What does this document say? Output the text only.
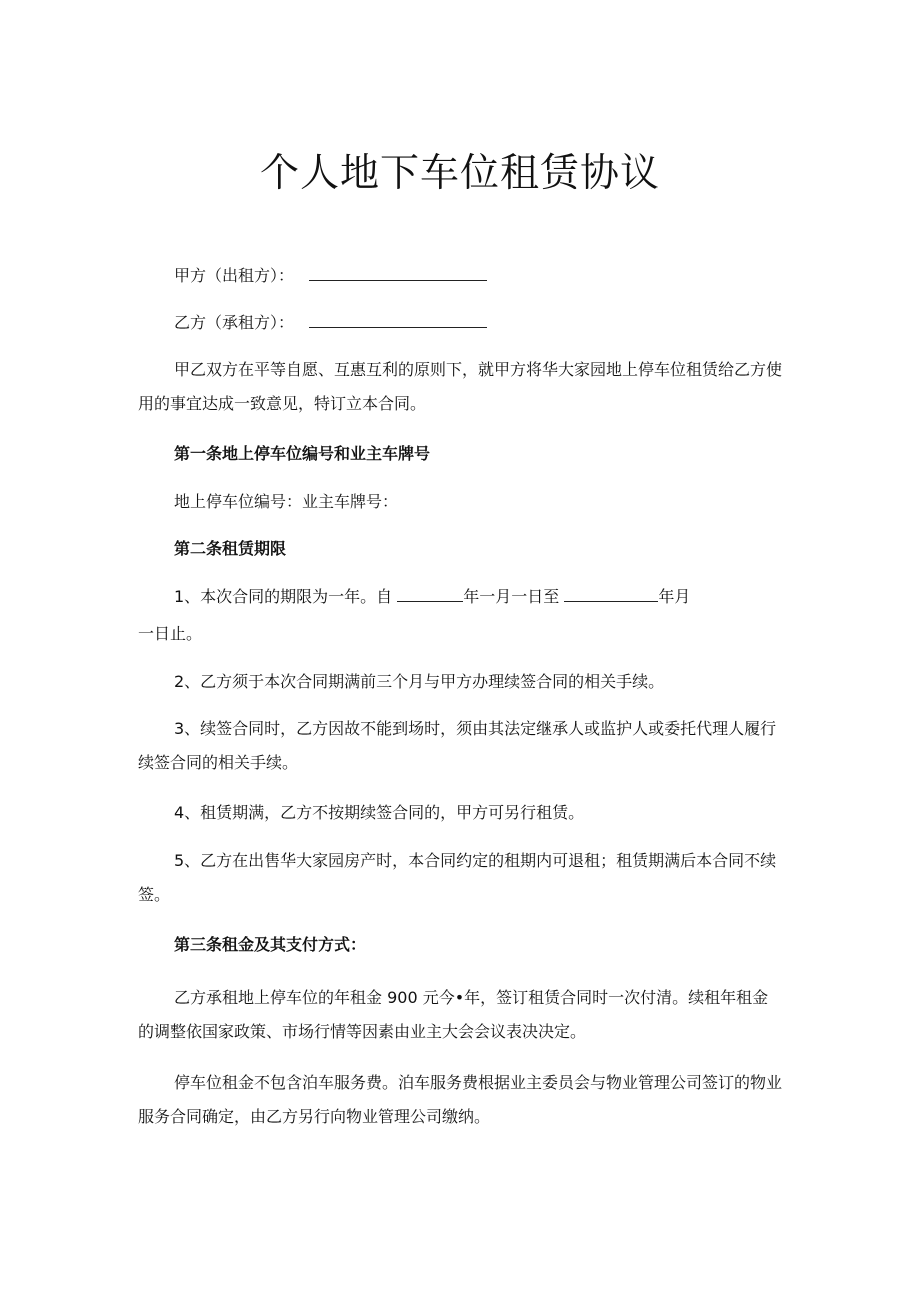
个人地下车位租赁协议

甲方（出租方）：

乙方（承租方）：

甲乙双方在平等自愿、互惠互利的原则下，就甲方将华大家园地上停车位租赁给乙方使用的事宜达成一致意见，特订立本合同。

第一条地上停车位编号和业主车牌号

地上停车位编号：业主车牌号：

第二条租赁期限

1、本次合同的期限为一年。自	年一月一日至	年月

一日止。

2、乙方须于本次合同期满前三个月与甲方办理续签合同的相关手续。

3、续签合同时，乙方因故不能到场时，须由其法定继承人或监护人或委托代理人履行续签合同的相关手续。

4、租赁期满，乙方不按期续签合同的，甲方可另行租赁。

5、乙方在出售华大家园房产时，本合同约定的租期内可退租；租赁期满后本合同不续签。

第三条租金及其支付方式：

乙方承租地上停车位的年租金 900 元今•年，签订租赁合同时一次付清。续租年租金的调整依国家政策、市场行情等因素由业主大会会议表决决定。

停车位租金不包含泊车服务费。泊车服务费根据业主委员会与物业管理公司签订的物业服务合同确定，由乙方另行向物业管理公司缴纳。
